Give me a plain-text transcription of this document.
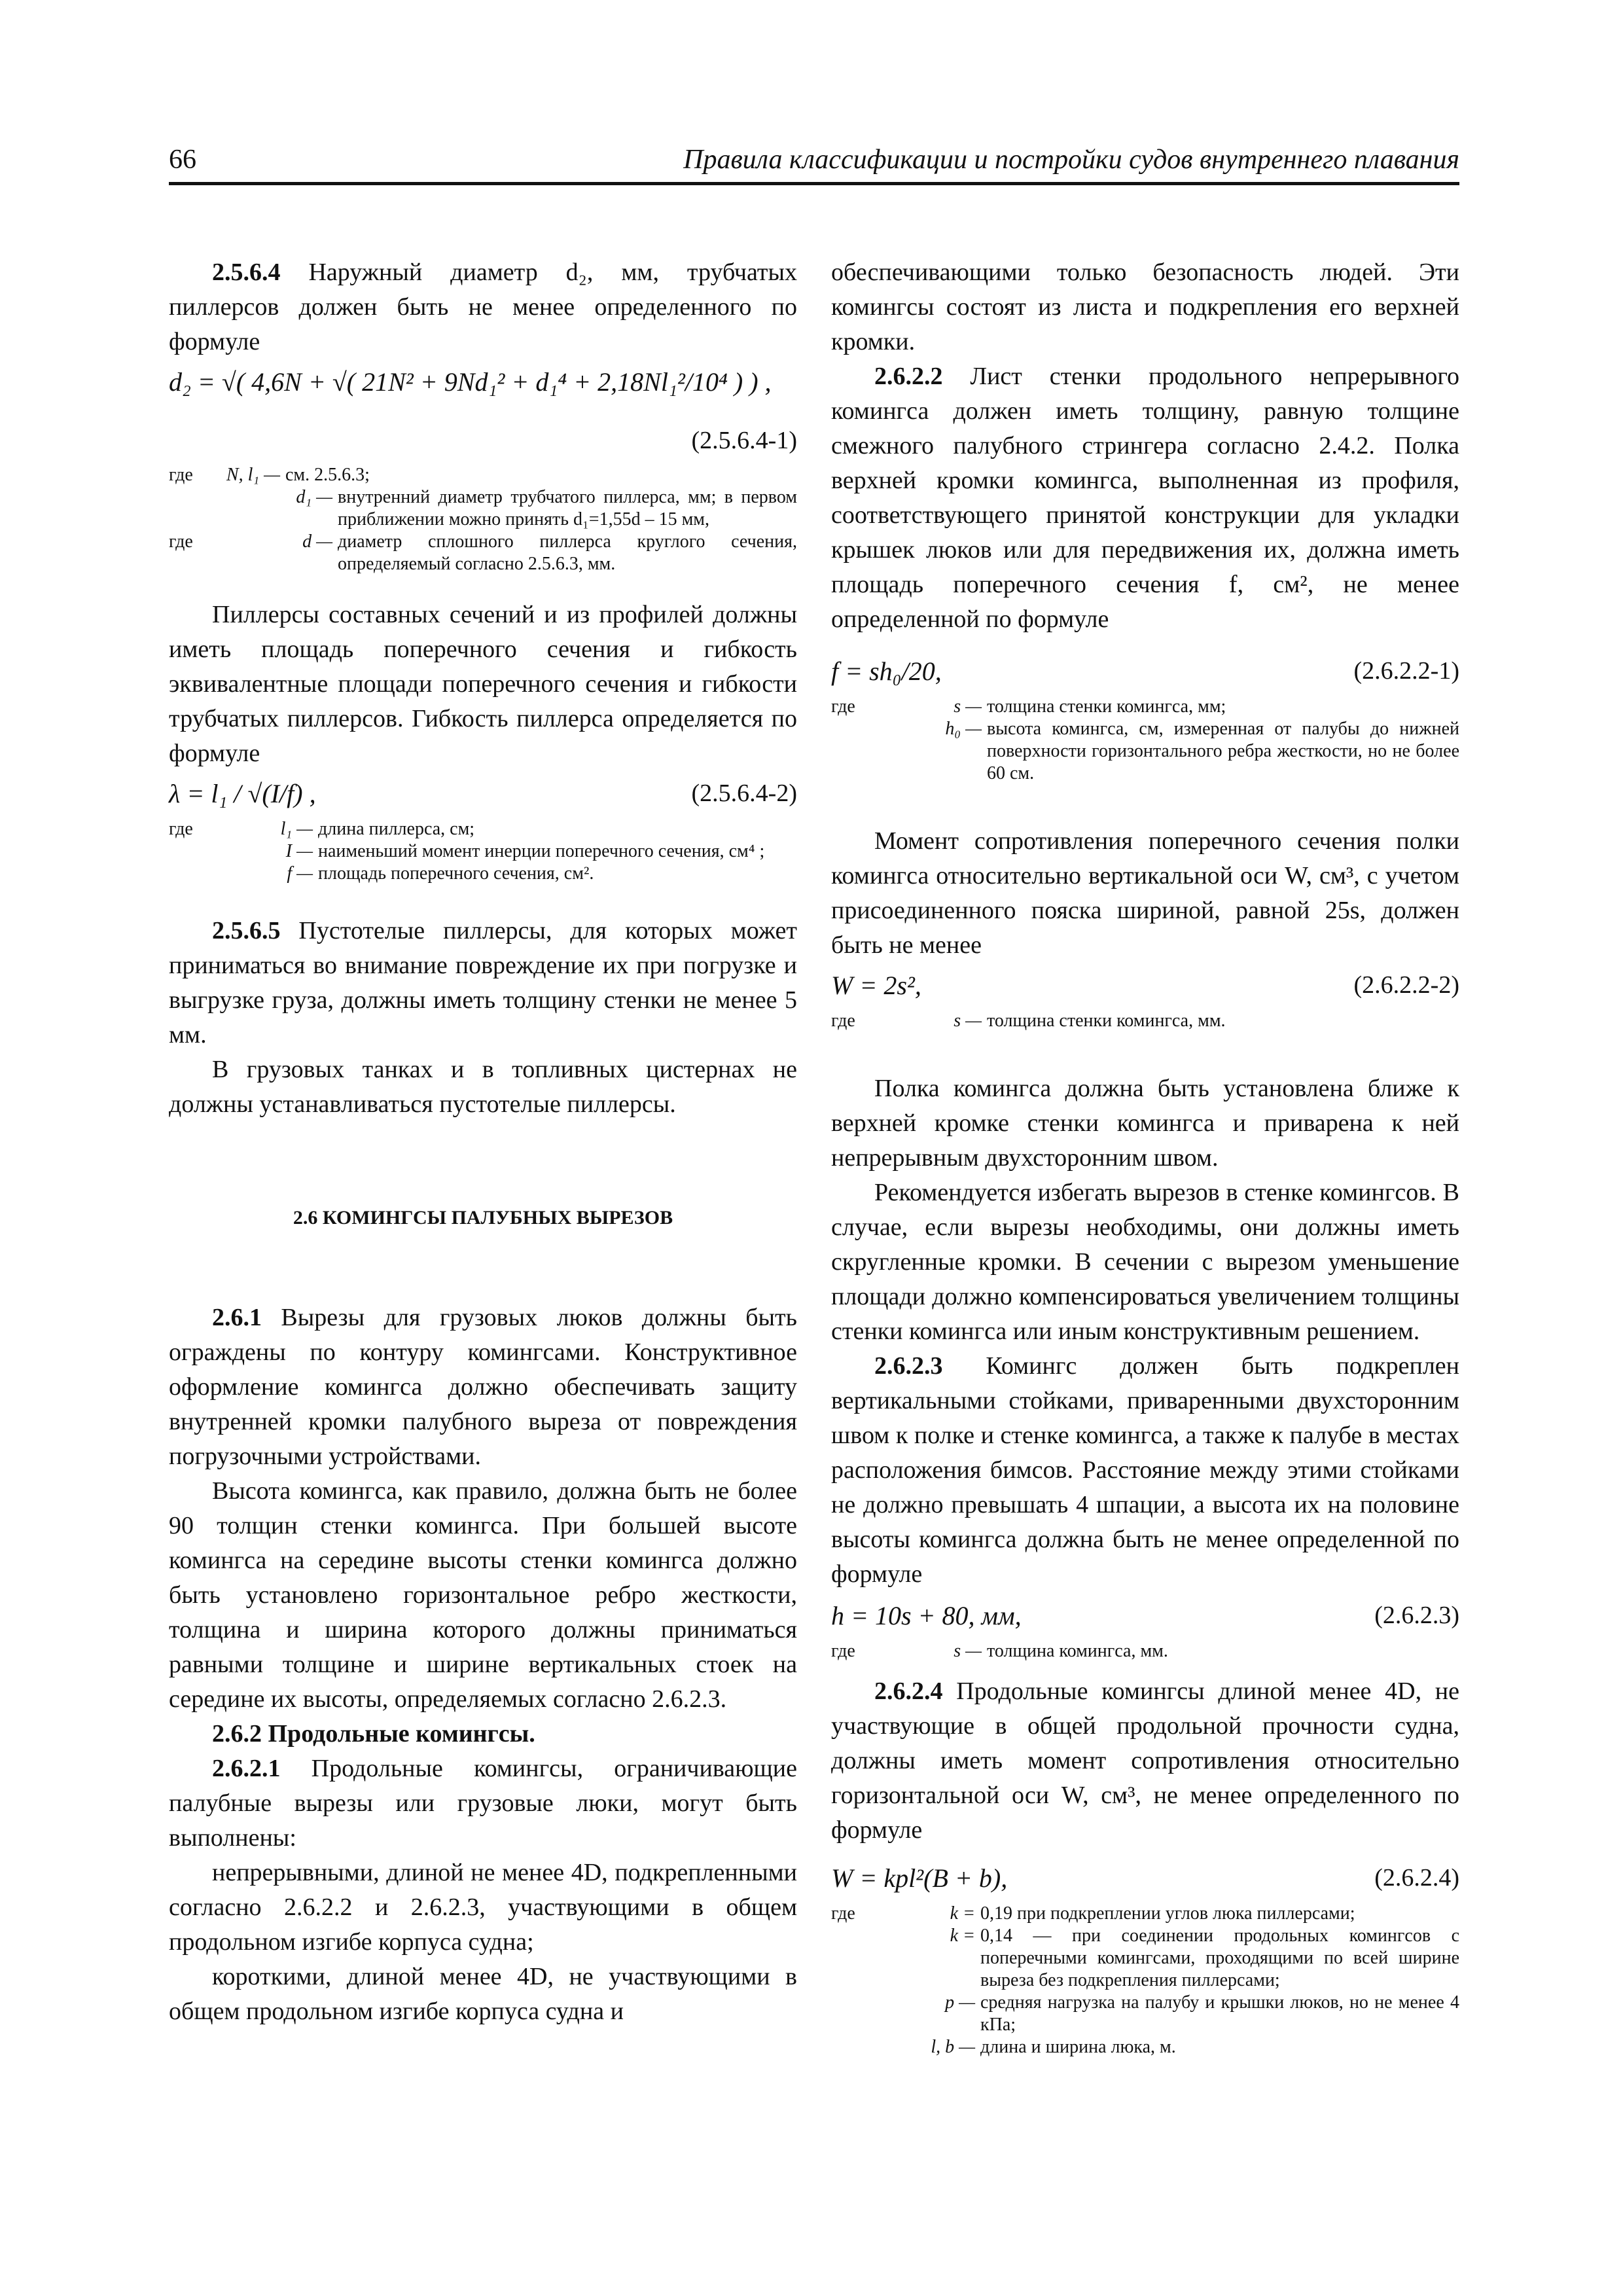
66	Правила классификации и постройки судов внутреннего плавания

2.5.6.4 Наружный диаметр d₂, мм, трубчатых пиллерсов должен быть не менее определенного по формуле

d₂ = √( 4,6N + √( 21N² + 9Nd₁² + d₁⁴ + 2,18Nl₁²/10⁴ ) ) ,
(2.5.6.4-1)
где	N, l₁ — см. 2.5.6.3;
d₁ — внутренний диаметр трубчатого пиллерса, мм; в первом приближении можно принять d₁=1,55d – 15 мм,
где	d — диаметр сплошного пиллерса круглого сечения, определяемый согласно 2.5.6.3, мм.

Пиллерсы составных сечений и из профилей должны иметь площадь поперечного сечения и гибкость эквивалентные площади поперечного сечения и гибкости трубчатых пиллерсов. Гибкость пиллерса определяется по формуле

λ = l₁ / √(I/f) ,	(2.5.6.4-2)
где	l₁ — длина пиллерса, см;
I — наименьший момент инерции поперечного сечения, см⁴ ;
f — площадь поперечного сечения, см².

2.5.6.5 Пустотелые пиллерсы, для которых может приниматься во внимание повреждение их при погрузке и выгрузке груза, должны иметь толщину стенки не менее 5 мм.

В грузовых танках и в топливных цистернах не должны устанавливаться пустотелые пиллерсы.

2.6 КОМИНГСЫ ПАЛУБНЫХ ВЫРЕЗОВ

2.6.1 Вырезы для грузовых люков должны быть ограждены по контуру комингсами. Конструктивное оформление комингса должно обеспечивать защиту внутренней кромки палубного выреза от повреждения погрузочными устройствами.

Высота комингса, как правило, должна быть не более 90 толщин стенки комингса. При большей высоте комингса на середине высоты стенки комингса должно быть установлено горизонтальное ребро жесткости, толщина и ширина которого должны приниматься равными толщине и ширине вертикальных стоек на середине их высоты, определяемых согласно 2.6.2.3.

2.6.2 Продольные комингсы.

2.6.2.1 Продольные комингсы, ограничивающие палубные вырезы или грузовые люки, могут быть выполнены:

непрерывными, длиной не менее 4D, подкрепленными согласно 2.6.2.2 и 2.6.2.3, участвующими в общем продольном изгибе корпуса судна;

короткими, длиной менее 4D, не участвующими в общем продольном изгибе корпуса судна и

обеспечивающими только безопасность людей. Эти комингсы состоят из листа и подкрепления его верхней кромки.

2.6.2.2 Лист стенки продольного непрерывного комингса должен иметь толщину, равную толщине смежного палубного стрингера согласно 2.4.2. Полка верхней кромки комингса, выполненная из профиля, соответствующего принятой конструкции для укладки крышек люков или для передвижения их, должна иметь площадь поперечного сечения f, см², не менее определенной по формуле

f = sh₀/20,	(2.6.2.2-1)
где	s — толщина стенки комингса, мм;
h₀ — высота комингса, см, измеренная от палубы до нижней поверхности горизонтального ребра жесткости, но не более 60 см.

Момент сопротивления поперечного сечения полки комингса относительно вертикальной оси W, см³, с учетом присоединенного пояска шириной, равной 25s, должен быть не менее

W = 2s²,	(2.6.2.2-2)
где	s — толщина стенки комингса, мм.

Полка комингса должна быть установлена ближе к верхней кромке стенки комингса и приварена к ней непрерывным двухсторонним швом.

Рекомендуется избегать вырезов в стенке комингсов. В случае, если вырезы необходимы, они должны иметь скругленные кромки. В сечении с вырезом уменьшение площади должно компенсироваться увеличением толщины стенки комингса или иным конструктивным решением.

2.6.2.3 Комингс должен быть подкреплен вертикальными стойками, приваренными двухсторонним швом к полке и стенке комингса, а также к палубе в местах расположения бимсов. Расстояние между этими стойками не должно превышать 4 шпации, а высота их на половине высоты комингса должна быть не менее определенной по формуле

h = 10s + 80, мм,	(2.6.2.3)
где	s — толщина комингса, мм.

2.6.2.4 Продольные комингсы длиной менее 4D, не участвующие в общей продольной прочности судна, должны иметь момент сопротивления относительно горизонтальной оси W, см³, не менее определенного по формуле

W = kpl²(B + b),	(2.6.2.4)
где	k = 0,19 при подкреплении углов люка пиллерсами;
k = 0,14 — при соединении продольных комингсов с поперечными комингсами, проходящими по всей ширине выреза без подкрепления пиллерсами;
p — средняя нагрузка на палубу и крышки люков, но не менее 4 кПа;
l, b — длина и ширина люка, м.
